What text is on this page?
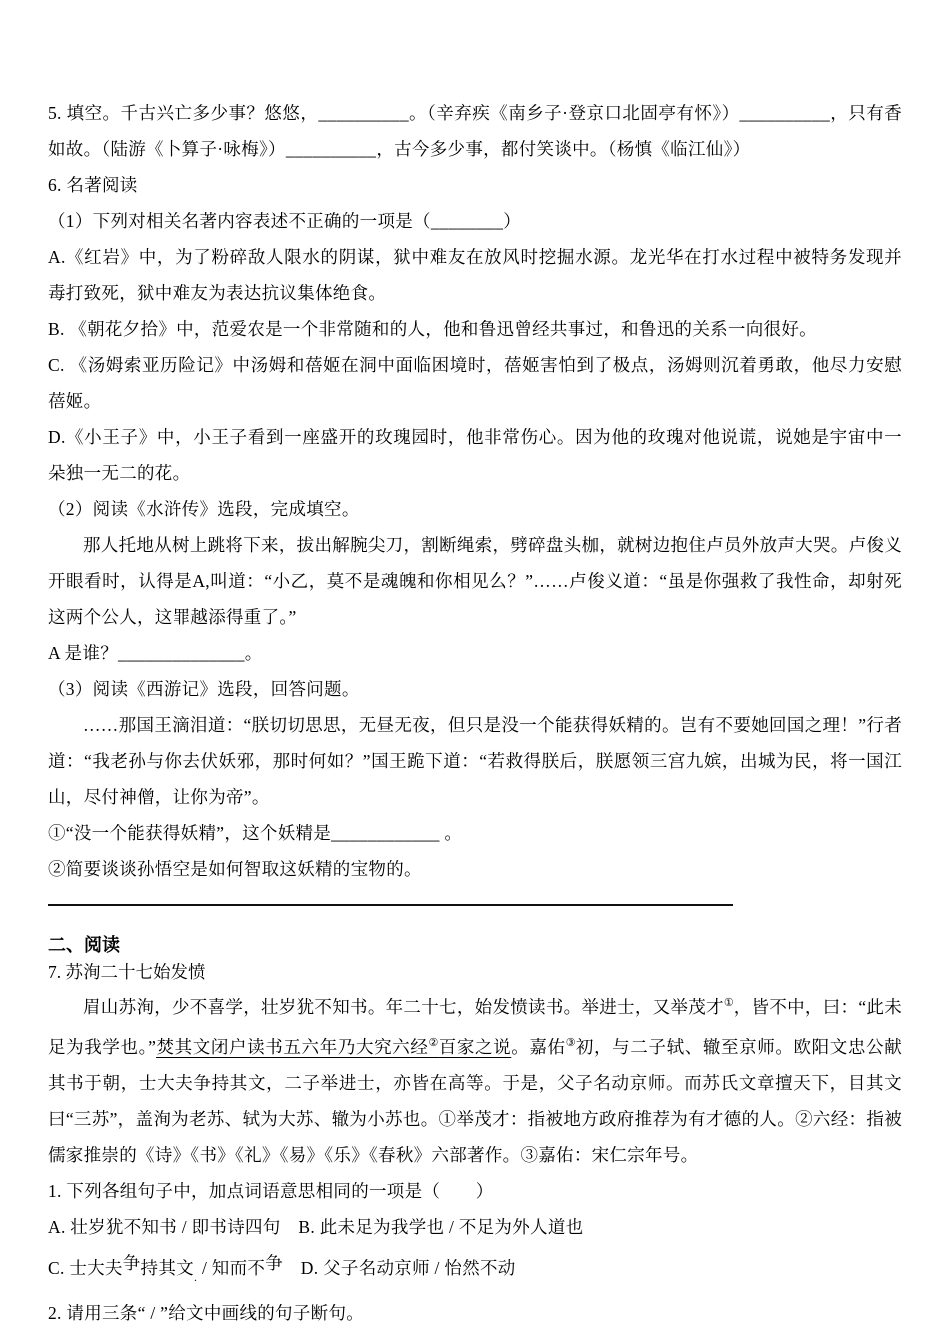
5. 填空。千古兴亡多少事？悠悠，__________。（辛弃疾《南乡子·登京口北固亭有怀》）__________，只有香如故。（陆游《卜算子·咏梅》）__________，古今多少事，都付笑谈中。（杨慎《临江仙》）

6. 名著阅读

（1）下列对相关名著内容表述不正确的一项是（________）

A.《红岩》中，为了粉碎敌人限水的阴谋，狱中难友在放风时挖掘水源。龙光华在打水过程中被特务发现并毒打致死，狱中难友为表达抗议集体绝食。

B. 《朝花夕拾》中，范爱农是一个非常随和的人，他和鲁迅曾经共事过，和鲁迅的关系一向很好。

C. 《汤姆索亚历险记》中汤姆和蓓姬在洞中面临困境时，蓓姬害怕到了极点，汤姆则沉着勇敢，他尽力安慰蓓姬。

D.《小王子》中，小王子看到一座盛开的玫瑰园时，他非常伤心。因为他的玫瑰对他说谎，说她是宇宙中一朵独一无二的花。

（2）阅读《水浒传》选段，完成填空。

那人托地从树上跳将下来，拔出解腕尖刀，割断绳索，劈碎盘头枷，就树边抱住卢员外放声大哭。卢俊义开眼看时，认得是A,叫道：“小乙，莫不是魂魄和你相见么？”……卢俊义道：“虽是你强救了我性命，却射死这两个公人，这罪越添得重了。”

A 是谁？______________。

（3）阅读《西游记》选段，回答问题。

……那国王滴泪道：“朕切切思思，无昼无夜，但只是没一个能获得妖精的。岂有不要她回国之理！”行者道：“我老孙与你去伏妖邪，那时何如？”国王跪下道：“若救得朕后，朕愿领三宫九嫔，出城为民，将一国江山，尽付神僧，让你为帝”。

①“没一个能获得妖精”，这个妖精是____________ 。

②简要谈谈孙悟空是如何智取这妖精的宝物的。

二、阅读

7. 苏洵二十七始发愤

眉山苏洵，少不喜学，壮岁犹不知书。年二十七，始发愤读书。举进士，又举茂才①，皆不中，曰：“此未足为我学也。”焚其文闭户读书五六年乃大究六经②百家之说。嘉佑③初，与二子轼、辙至京师。欧阳文忠公献其书于朝，士大夫争持其文，二子举进士，亦皆在高等。于是，父子名动京师。而苏氏文章擅天下，目其文曰“三苏”，盖洵为老苏、轼为大苏、辙为小苏也。①举茂才：指被地方政府推荐为有才德的人。②六经：指被儒家推崇的《诗》《书》《礼》《易》《乐》《春秋》六部著作。③嘉佑：宋仁宗年号。

1. 下列各组句子中，加点词语意思相同的一项是（　　）

A. 壮岁犹不知书 / 即书诗四句　B. 此未足为我学也 / 不足为外人道也

C. 士大夫争持其文$_.$ / 知而不争　D. 父子名动京师 / 怡然不动

2. 请用三条“ / ”给文中画线的句子断句。
